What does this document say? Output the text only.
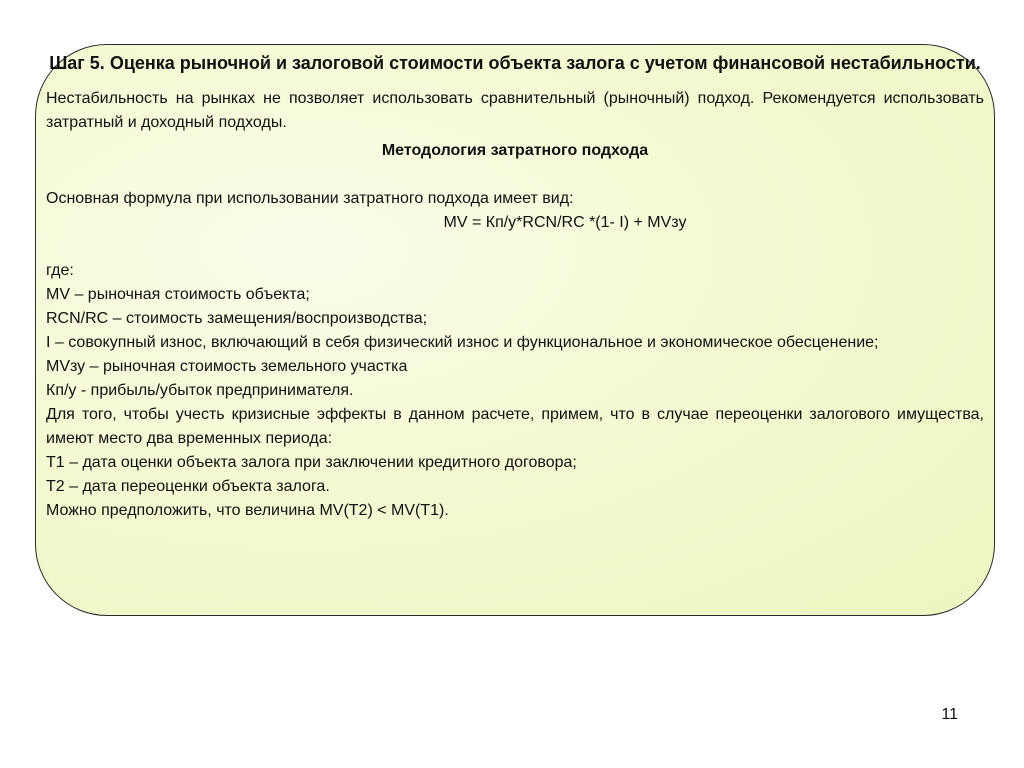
Шаг 5. Оценка рыночной и залоговой стоимости объекта залога с учетом финансовой нестабильности.

Нестабильность на рынках не позволяет использовать сравнительный (рыночный) подход. Рекомендуется использовать затратный и доходный подходы.

Методология затратного подхода

Основная формула при использовании затратного подхода имеет вид:

MV = Кп/у*RCN/RC *(1- I) + MVзу

где:

MV – рыночная стоимость объекта;

RCN/RC – стоимость замещения/воспроизводства;

I – совокупный износ, включающий в себя физический износ и функциональное и экономическое обесценение;

MVзу – рыночная стоимость земельного участка

Кп/у - прибыль/убыток предпринимателя.

Для того, чтобы учесть кризисные эффекты в данном расчете, примем, что в случае переоценки залогового имущества, имеют место два временных периода:

Т1 – дата оценки объекта залога при заключении кредитного договора;

Т2 – дата переоценки объекта залога.

Можно предположить, что величина MV(T2) < MV(T1).

11
